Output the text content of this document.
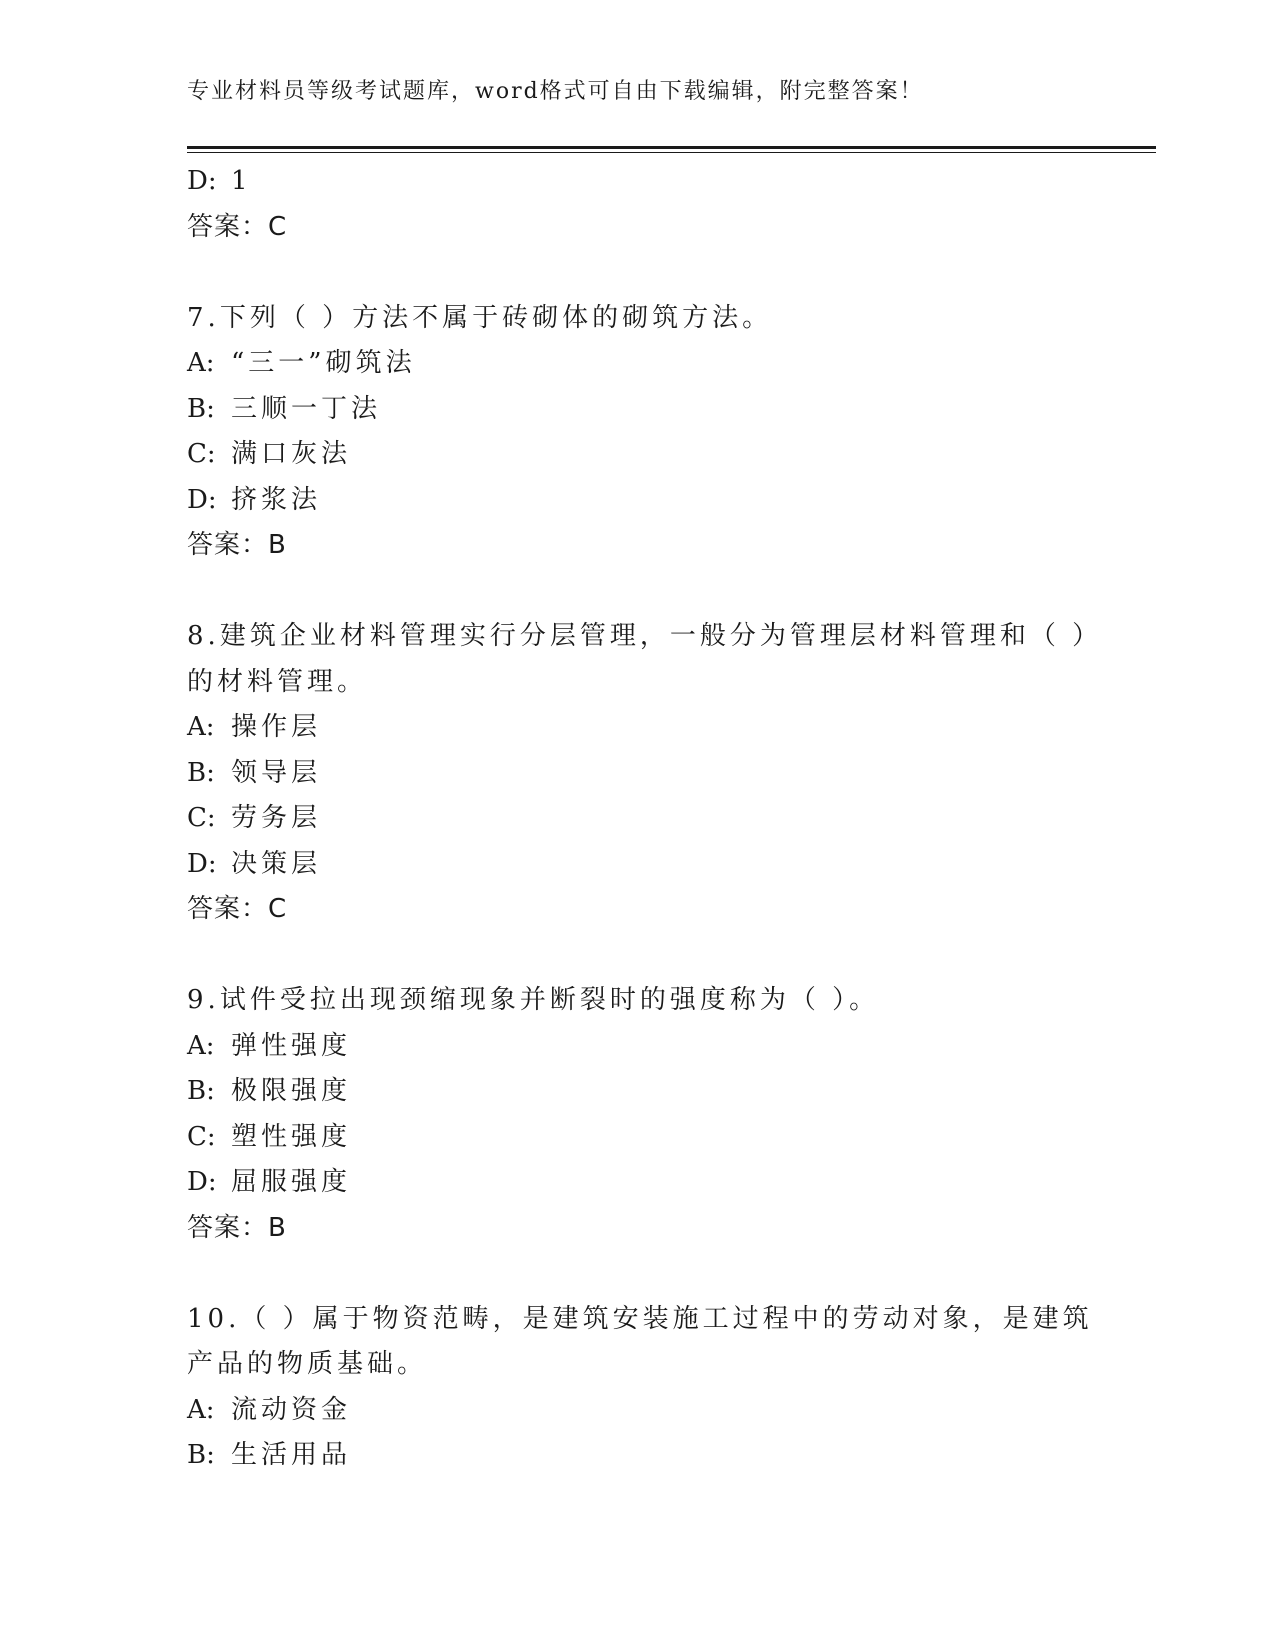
专业材料员等级考试题库，word格式可自由下载编辑，附完整答案！
D: 1
答案：C
7.下列（ ）方法不属于砖砌体的砌筑方法。
A: “三一”砌筑法
B: 三顺一丁法
C: 满口灰法
D: 挤浆法
答案：B
8.建筑企业材料管理实行分层管理，一般分为管理层材料管理和（ ）
的材料管理。
A: 操作层
B: 领导层
C: 劳务层
D: 决策层
答案：C
9.试件受拉出现颈缩现象并断裂时的强度称为（ ）。
A: 弹性强度
B: 极限强度
C: 塑性强度
D: 屈服强度
答案：B
10.（ ）属于物资范畴，是建筑安装施工过程中的劳动对象，是建筑
产品的物质基础。
A: 流动资金
B: 生活用品
